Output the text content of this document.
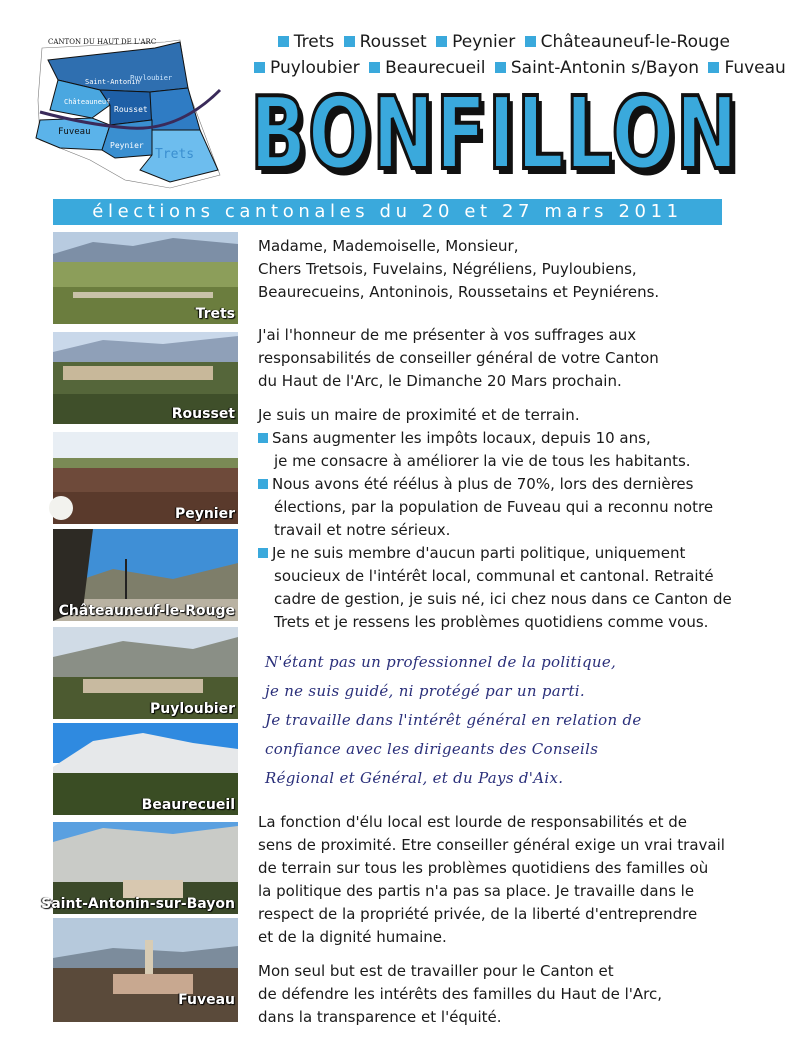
CANTON DU HAUT DE L'ARC
Saint-Antonin
Puyloubier
Châteauneuf
Rousset
Fuveau
Peynier
Trets
Trets Rousset Peynier Châteauneuf-le-Rouge
Puyloubier Beaurecueil Saint-Antonin s/Bayon Fuveau
BONFILLON
élections cantonales du 20 et 27 mars 2011
Trets
Rousset
Peynier
Châteauneuf-le-Rouge
Puyloubier
Beaurecueil
Saint-Antonin-sur-Bayon
Fuveau
Madame, Mademoiselle, Monsieur,
Chers Tretsois, Fuvelains, Négréliens, Puyloubiens,
Beaurecueins, Antoninois, Roussetains et Peyniérens.
J'ai l'honneur de me présenter à vos suffrages aux
responsabilités de conseiller général de votre Canton
du Haut de l'Arc, le Dimanche 20 Mars prochain.
Je suis un maire de proximité et de terrain.
Sans augmenter les impôts locaux, depuis 10 ans,
je me consacre à améliorer la vie de tous les habitants.
Nous avons été réélus à plus de 70%, lors des dernières
élections, par la population de Fuveau qui a reconnu notre
travail et notre sérieux.
Je ne suis membre d'aucun parti politique, uniquement
soucieux de l'intérêt local, communal et cantonal. Retraité
cadre de gestion, je suis né, ici chez nous dans ce Canton de
Trets et je ressens les problèmes quotidiens comme vous.
N'étant pas un professionnel de la politique,
je ne suis guidé, ni protégé par un parti.
Je travaille dans l'intérêt général en relation de
confiance avec les dirigeants des Conseils
Régional et Général, et du Pays d'Aix.
La fonction d'élu local est lourde de responsabilités et de
sens de proximité. Etre conseiller général exige un vrai travail
de terrain sur tous les problèmes quotidiens des familles où
la politique des partis n'a pas sa place. Je travaille dans le
respect de la propriété privée, de la liberté d'entreprendre
et de la dignité humaine.
Mon seul but est de travailler pour le Canton et
de défendre les intérêts des familles du Haut de l'Arc,
dans la transparence et l'équité.
